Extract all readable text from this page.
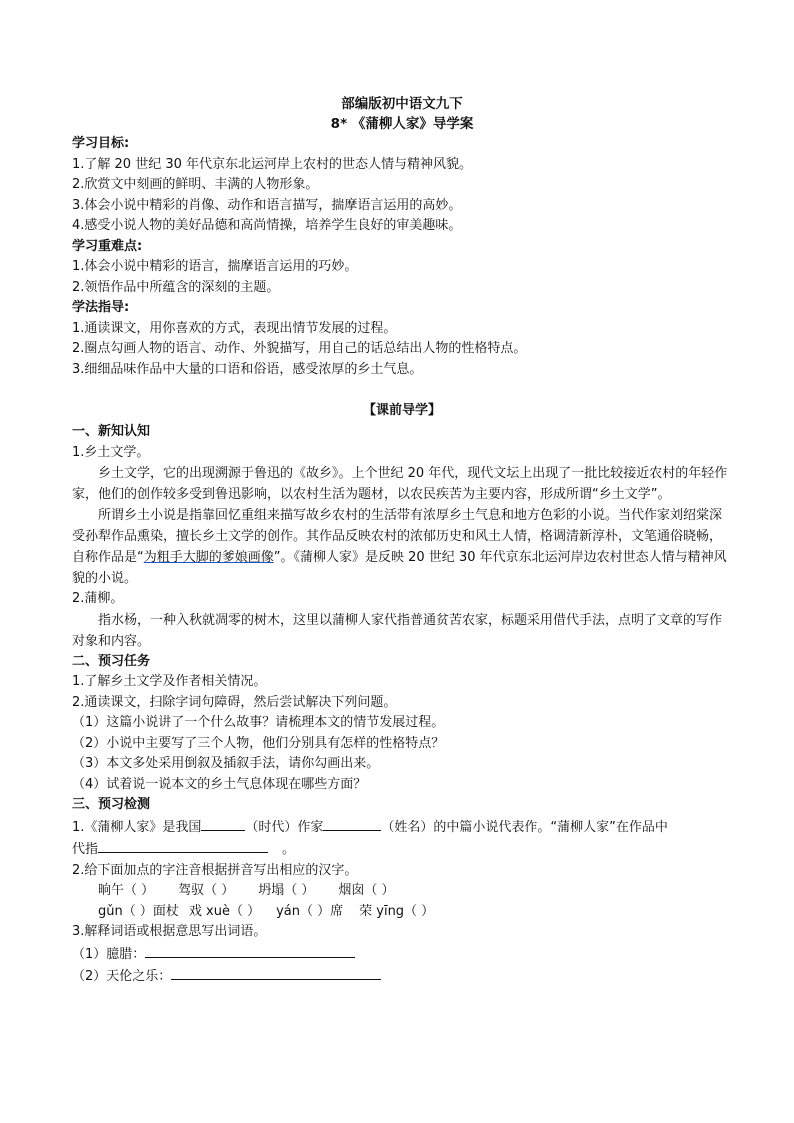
部编版初中语文九下
8* 《蒲柳人家》导学案
学习目标:
1.了解 20 世纪 30 年代京东北运河岸上农村的世态人情与精神风貌。
2.欣赏文中刻画的鲜明、丰满的人物形象。
3.体会小说中精彩的肖像、动作和语言描写，揣摩语言运用的高妙。
4.感受小说人物的美好品德和高尚情操，培养学生良好的审美趣味。
学习重难点:
1.体会小说中精彩的语言，揣摩语言运用的巧妙。
2.领悟作品中所蕴含的深刻的主题。
学法指导:
1.通读课文，用你喜欢的方式，表现出情节发展的过程。
2.圈点勾画人物的语言、动作、外貌描写，用自己的话总结出人物的性格特点。
3.细细品味作品中大量的口语和俗语，感受浓厚的乡土气息。
【课前导学】
一、新知认知
1.乡土文学。
乡土文学，它的出现溯源于鲁迅的《故乡》。上个世纪 20 年代，现代文坛上出现了一批比较接近农村的年轻作家，他们的创作较多受到鲁迅影响，以农村生活为题材，以农民疾苦为主要内容，形成所谓“乡土文学”。
所谓乡土小说是指靠回忆重组来描写故乡农村的生活带有浓厚乡土气息和地方色彩的小说。当代作家刘绍棠深受孙犁作品熏染，擅长乡土文学的创作。其作品反映农村的浓郁历史和风土人情，格调清新淳朴，文笔通俗晓畅，自称作品是“为粗手大脚的爹娘画像”。《蒲柳人家》是反映 20 世纪 30 年代京东北运河岸边农村世态人情与精神风貌的小说。
2.蒲柳。
指水杨，一种入秋就凋零的树木，这里以蒲柳人家代指普通贫苦农家，标题采用借代手法，点明了文章的写作对象和内容。
二、预习任务
1.了解乡土文学及作者相关情况。
2.通读课文，扫除字词句障碍，然后尝试解决下列问题。
（1）这篇小说讲了一个什么故事？请梳理本文的情节发展过程。
（2）小说中主要写了三个人物，他们分别具有怎样的性格特点？
（3）本文多处采用倒叙及插叙手法，请你勾画出来。
（4）试着说一说本文的乡土气息体现在哪些方面？
三、预习检测
1.《蒲柳人家》是我国	（时代）作家	（姓名）的中篇小说代表作。“蒲柳人家”在作品中
代指	。
2.给下面加点的字注音根据拼音写出相应的汉字。
晌午（ ） 驾驭（ ） 坍塌（ ） 烟囱（ ）
gǔn（ ）面杖 戏 xuè（ ） yán（ ）席 荣 yīng（ ）
3.解释词语或根据意思写出词语。
（1）臆腊：
（2）天伦之乐：
